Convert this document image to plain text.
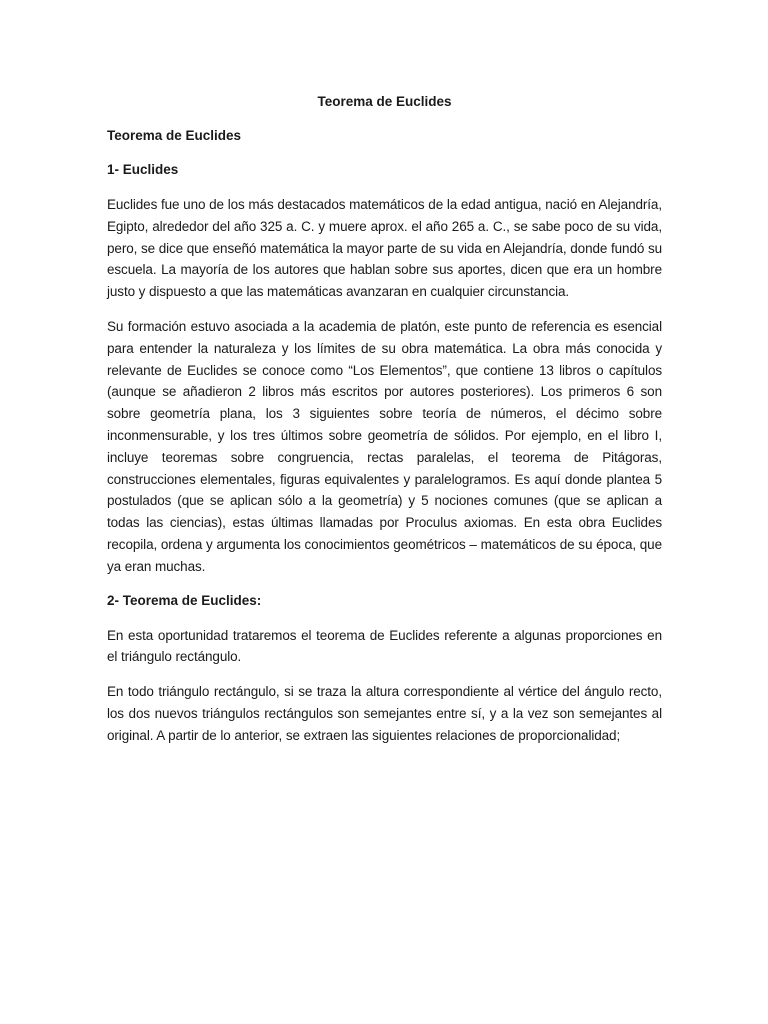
Teorema de Euclides

Teorema de Euclides

1- Euclides

Euclides fue uno de los más destacados matemáticos de la edad antigua, nació en Alejandría, Egipto, alrededor del año 325 a. C. y muere aprox. el año 265 a. C., se sabe poco de su vida, pero, se dice que enseñó matemática la mayor parte de su vida en Alejandría, donde fundó su escuela. La mayoría de los autores que hablan sobre sus aportes, dicen que era un hombre justo y dispuesto a que las matemáticas avanzaran en cualquier circunstancia.

Su formación estuvo asociada a la academia de platón, este punto de referencia es esencial para entender la naturaleza y los límites de su obra matemática. La obra más conocida y relevante de Euclides se conoce como “Los Elementos”, que contiene 13 libros o capítulos (aunque se añadieron 2 libros más escritos por autores posteriores). Los primeros 6 son sobre geometría plana, los 3 siguientes sobre teoría de números, el décimo sobre inconmensurable, y los tres últimos sobre geometría de sólidos. Por ejemplo, en el libro I, incluye teoremas sobre congruencia, rectas paralelas, el teorema de Pitágoras, construcciones elementales, figuras equivalentes y paralelogramos. Es aquí donde plantea 5 postulados (que se aplican sólo a la geometría) y 5 nociones comunes (que se aplican a todas las ciencias), estas últimas llamadas por Proculus axiomas. En esta obra Euclides recopila, ordena y argumenta los conocimientos geométricos – matemáticos de su época, que ya eran muchas.

2- Teorema de Euclides:

En esta oportunidad trataremos el teorema de Euclides referente a algunas proporciones en el triángulo rectángulo.

En todo triángulo rectángulo, si se traza la altura correspondiente al vértice del ángulo recto, los dos nuevos triángulos rectángulos son semejantes entre sí, y a la vez son semejantes al original. A partir de lo anterior, se extraen las siguientes relaciones de proporcionalidad;
